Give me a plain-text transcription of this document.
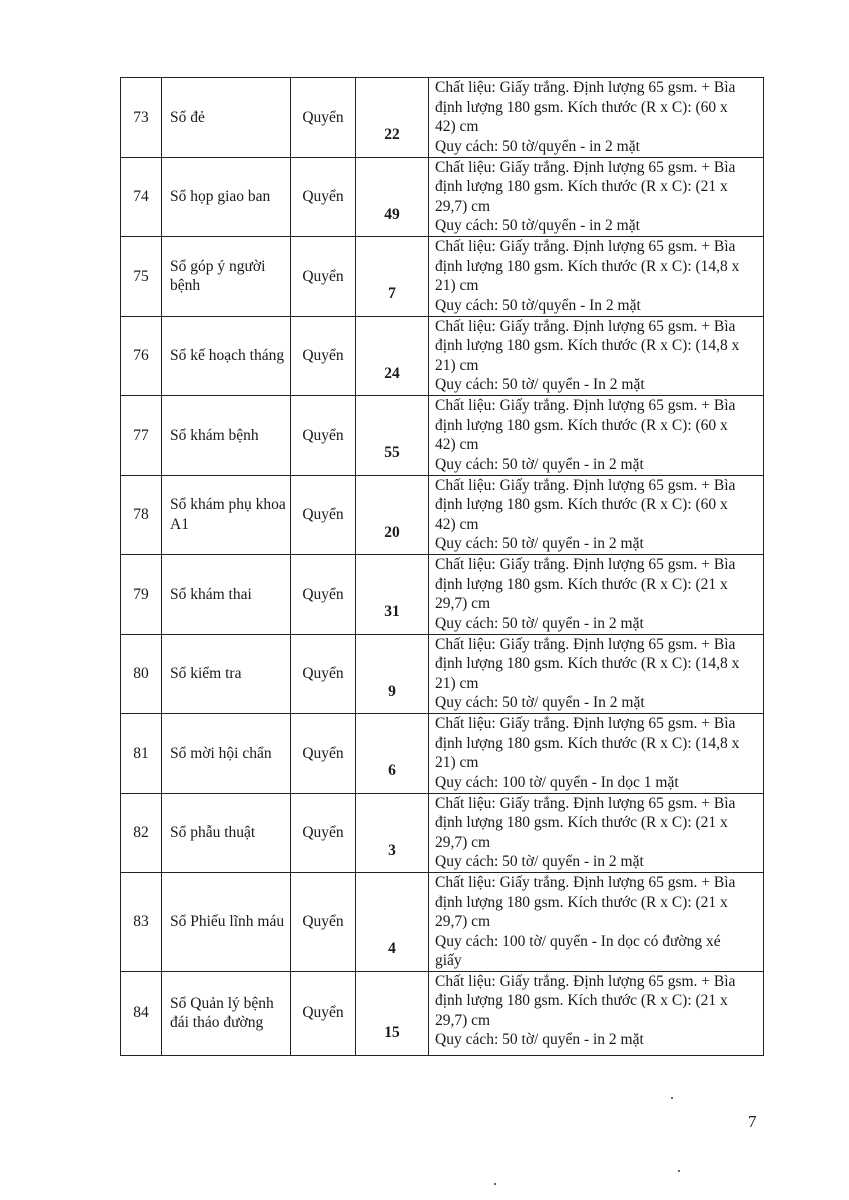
73	Sổ đẻ	Quyển	22	Chất liệu: Giấy trắng. Định lượng 65 gsm. + Bìa
định lượng 180 gsm. Kích thước (R x C): (60 x
42) cm
Quy cách: 50 tờ/quyển - in 2 mặt

74	Sổ họp giao ban	Quyển	49	Chất liệu: Giấy trắng. Định lượng 65 gsm. + Bìa
định lượng 180 gsm. Kích thước (R x C): (21 x
29,7) cm
Quy cách: 50 tờ/quyển - in 2 mặt

75	Sổ góp ý người bệnh	Quyển	7	Chất liệu: Giấy trắng. Định lượng 65 gsm. + Bìa
định lượng 180 gsm. Kích thước (R x C): (14,8 x
21) cm
Quy cách: 50 tờ/quyển - In 2 mặt

76	Sổ kế hoạch tháng	Quyển	24	Chất liệu: Giấy trắng. Định lượng 65 gsm. + Bìa
định lượng 180 gsm. Kích thước (R x C): (14,8 x
21) cm
Quy cách: 50 tờ/ quyển - In 2 mặt

77	Sổ khám bệnh	Quyển	55	Chất liệu: Giấy trắng. Định lượng 65 gsm. + Bìa
định lượng 180 gsm. Kích thước (R x C): (60 x
42) cm
Quy cách: 50 tờ/ quyển - in 2 mặt

78	Sổ khám phụ khoa A1	Quyển	20	Chất liệu: Giấy trắng. Định lượng 65 gsm. + Bìa
định lượng 180 gsm. Kích thước (R x C): (60 x
42) cm
Quy cách: 50 tờ/ quyển - in 2 mặt

79	Sổ khám thai	Quyển	31	Chất liệu: Giấy trắng. Định lượng 65 gsm. + Bìa
định lượng 180 gsm. Kích thước (R x C): (21 x
29,7) cm
Quy cách: 50 tờ/ quyển - in 2 mặt

80	Sổ kiểm tra	Quyển	9	Chất liệu: Giấy trắng. Định lượng 65 gsm. + Bìa
định lượng 180 gsm. Kích thước (R x C): (14,8 x
21) cm
Quy cách: 50 tờ/ quyển - In 2 mặt

81	Sổ mời hội chẩn	Quyển	6	Chất liệu: Giấy trắng. Định lượng 65 gsm. + Bìa
định lượng 180 gsm. Kích thước (R x C): (14,8 x
21) cm
Quy cách: 100 tờ/ quyển - In dọc 1 mặt

82	Sổ phẫu thuật	Quyển	3	Chất liệu: Giấy trắng. Định lượng 65 gsm. + Bìa
định lượng 180 gsm. Kích thước (R x C): (21 x
29,7) cm
Quy cách: 50 tờ/ quyển - in 2 mặt

83	Sổ Phiếu lĩnh máu	Quyển	4	Chất liệu: Giấy trắng. Định lượng 65 gsm. + Bìa
định lượng 180 gsm. Kích thước (R x C): (21 x
29,7) cm
Quy cách: 100 tờ/ quyển - In dọc có đường xé
giấy

84	Sổ Quản lý bệnh đái tháo đường	Quyển	15	Chất liệu: Giấy trắng. Định lượng 65 gsm. + Bìa
định lượng 180 gsm. Kích thước (R x C): (21 x
29,7) cm
Quy cách: 50 tờ/ quyển - in 2 mặt
7
